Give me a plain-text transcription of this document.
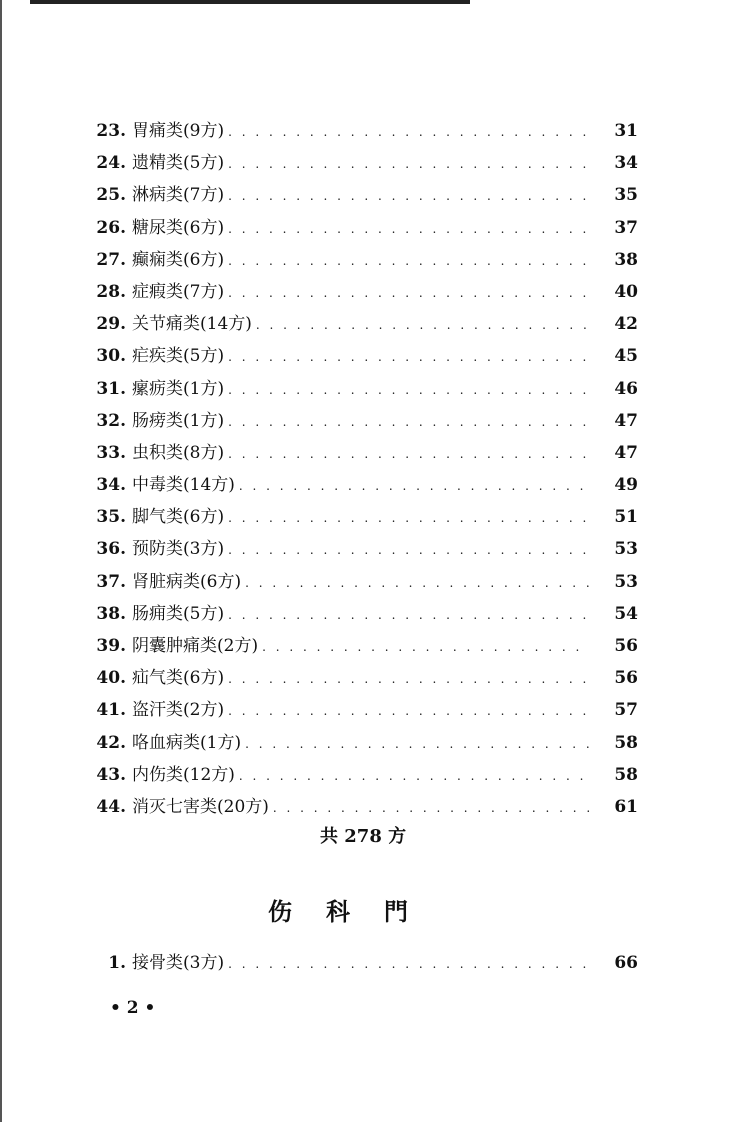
23. 胃痛类(9方) . . .	31
24. 遗精类(5方) . . .	34
25. 淋病类(7方) . . .	35
26. 糖尿类(6方) . . .	37
27. 癫痫类(6方) . . .	38
28. 症瘕类(7方) . . .	40
29. 关节痛类(14方) . . .	42
30. 疟疾类(5方) . . .	45
31. 瘰疬类(1方) . . .	46
32. 肠痨类(1方) . . .	47
33. 虫积类(8方) . . .	47
34. 中毒类(14方) . . .	49
35. 脚气类(6方) . . .	51
36. 预防类(3方) . . .	53
37. 肾脏病类(6方) . . .	53
38. 肠痈类(5方) . . .	54
39. 阴囊肿痛类(2方) . . .	56
40. 疝气类(6方) . . .	56
41. 盗汗类(2方) . . .	57
42. 咯血病类(1方) . . .	58
43. 内伤类(12方) . . .	58
44. 消灭七害类(20方) . . .	61
共 278 方
伤科門
1. 接骨类(3方) . . .	66
• 2 •
